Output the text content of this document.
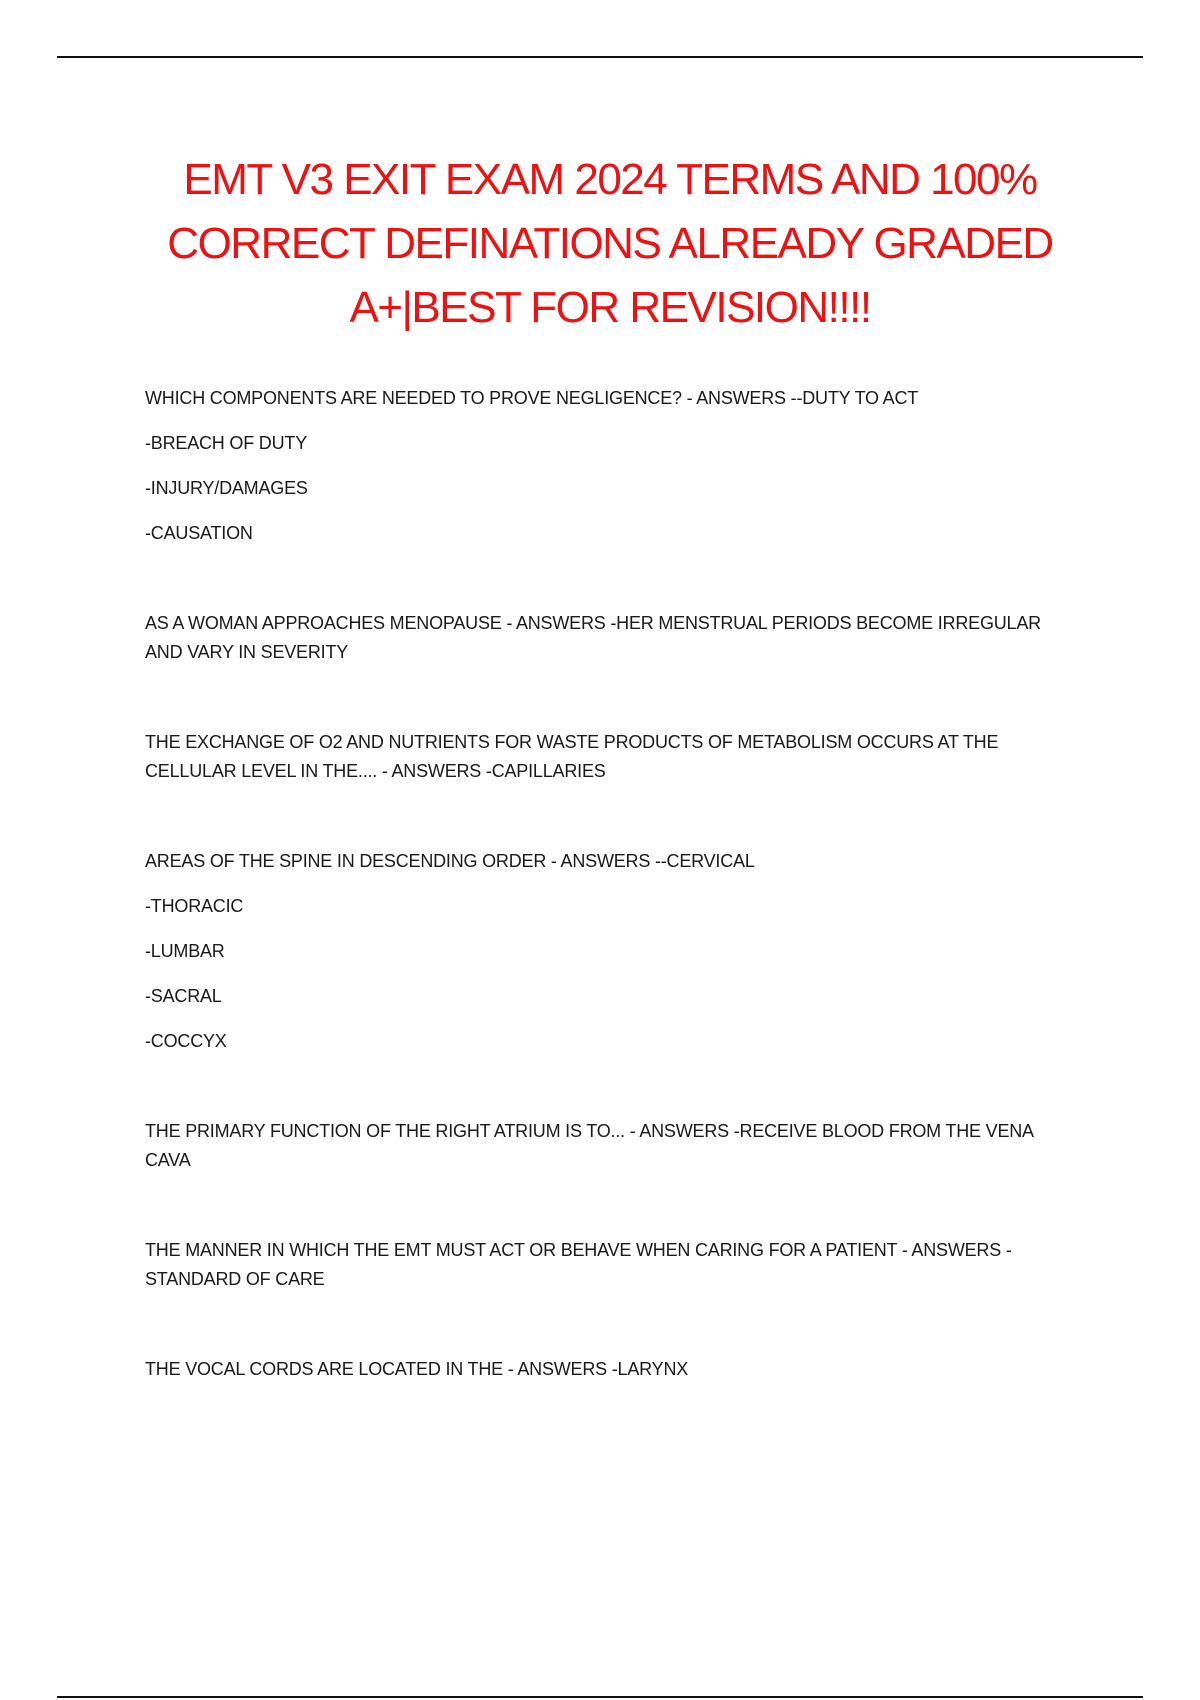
EMT V3 EXIT EXAM 2024 TERMS AND 100%
CORRECT DEFINATIONS ALREADY GRADED
A+|BEST FOR REVISION!!!!
WHICH COMPONENTS ARE NEEDED TO PROVE NEGLIGENCE? - ANSWERS --DUTY TO ACT
-BREACH OF DUTY
-INJURY/DAMAGES
-CAUSATION
AS A WOMAN APPROACHES MENOPAUSE - ANSWERS -HER MENSTRUAL PERIODS BECOME IRREGULAR
AND VARY IN SEVERITY
THE EXCHANGE OF O2 AND NUTRIENTS FOR WASTE PRODUCTS OF METABOLISM OCCURS AT THE
CELLULAR LEVEL IN THE.... - ANSWERS -CAPILLARIES
AREAS OF THE SPINE IN DESCENDING ORDER - ANSWERS --CERVICAL
-THORACIC
-LUMBAR
-SACRAL
-COCCYX
THE PRIMARY FUNCTION OF THE RIGHT ATRIUM IS TO... - ANSWERS -RECEIVE BLOOD FROM THE VENA
CAVA
THE MANNER IN WHICH THE EMT MUST ACT OR BEHAVE WHEN CARING FOR A PATIENT - ANSWERS -
STANDARD OF CARE
THE VOCAL CORDS ARE LOCATED IN THE - ANSWERS -LARYNX
